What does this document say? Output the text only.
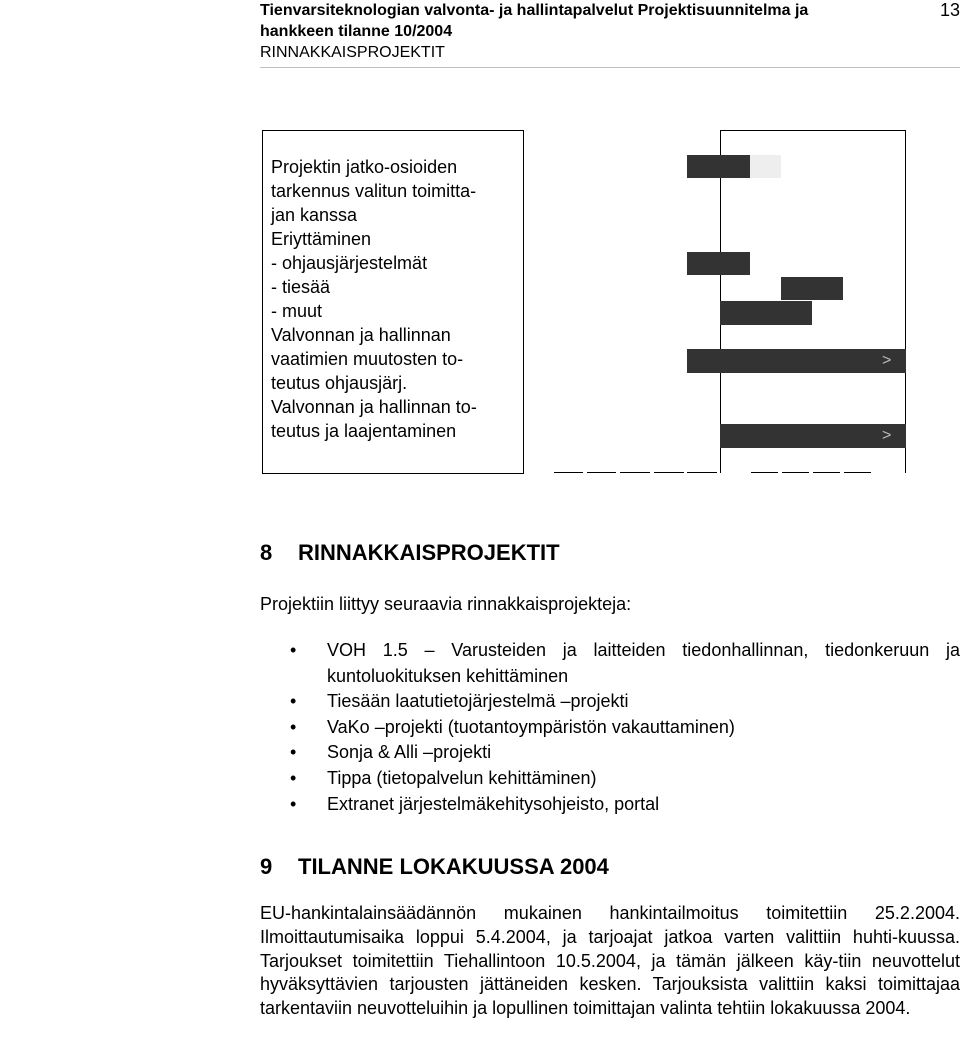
Tienvarsiteknologian valvonta- ja hallintapalvelut Projektisuunnitelma ja
hankkeen tilanne 10/2004
RINNAKKAISPROJEKTIT
13
Projektin jatko-osioiden
tarkennus valitun toimitta-
jan kanssa
Eriyttäminen
- ohjausjärjestelmät
- tiesää
- muut
Valvonnan ja hallinnan
vaatimien muutosten to-
teutus ohjausjärj.
Valvonnan ja hallinnan to-
teutus ja laajentaminen
>
>
8 RINNAKKAISPROJEKTIT
Projektiin liittyy seuraavia rinnakkaisprojekteja:
• VOH 1.5 – Varusteiden ja laitteiden tiedonhallinnan, tiedonkeruun ja kuntoluokituksen kehittäminen
• Tiesään laatutietojärjestelmä –projekti
• VaKo –projekti (tuotantoympäristön vakauttaminen)
• Sonja & Alli –projekti
• Tippa (tietopalvelun kehittäminen)
• Extranet järjestelmäkehitysohjeisto, portal
9 TILANNE LOKAKUUSSA 2004
EU-hankintalainsäädännön mukainen hankintailmoitus toimitettiin 25.2.2004. Ilmoittautumisaika loppui 5.4.2004, ja tarjoajat jatkoa varten valittiin huhti-kuussa. Tarjoukset toimitettiin Tiehallintoon 10.5.2004, ja tämän jälkeen käy-tiin neuvottelut hyväksyttävien tarjousten jättäneiden kesken. Tarjouksista valittiin kaksi toimittajaa tarkentaviin neuvotteluihin ja lopullinen toimittajan valinta tehtiin lokakuussa 2004.
